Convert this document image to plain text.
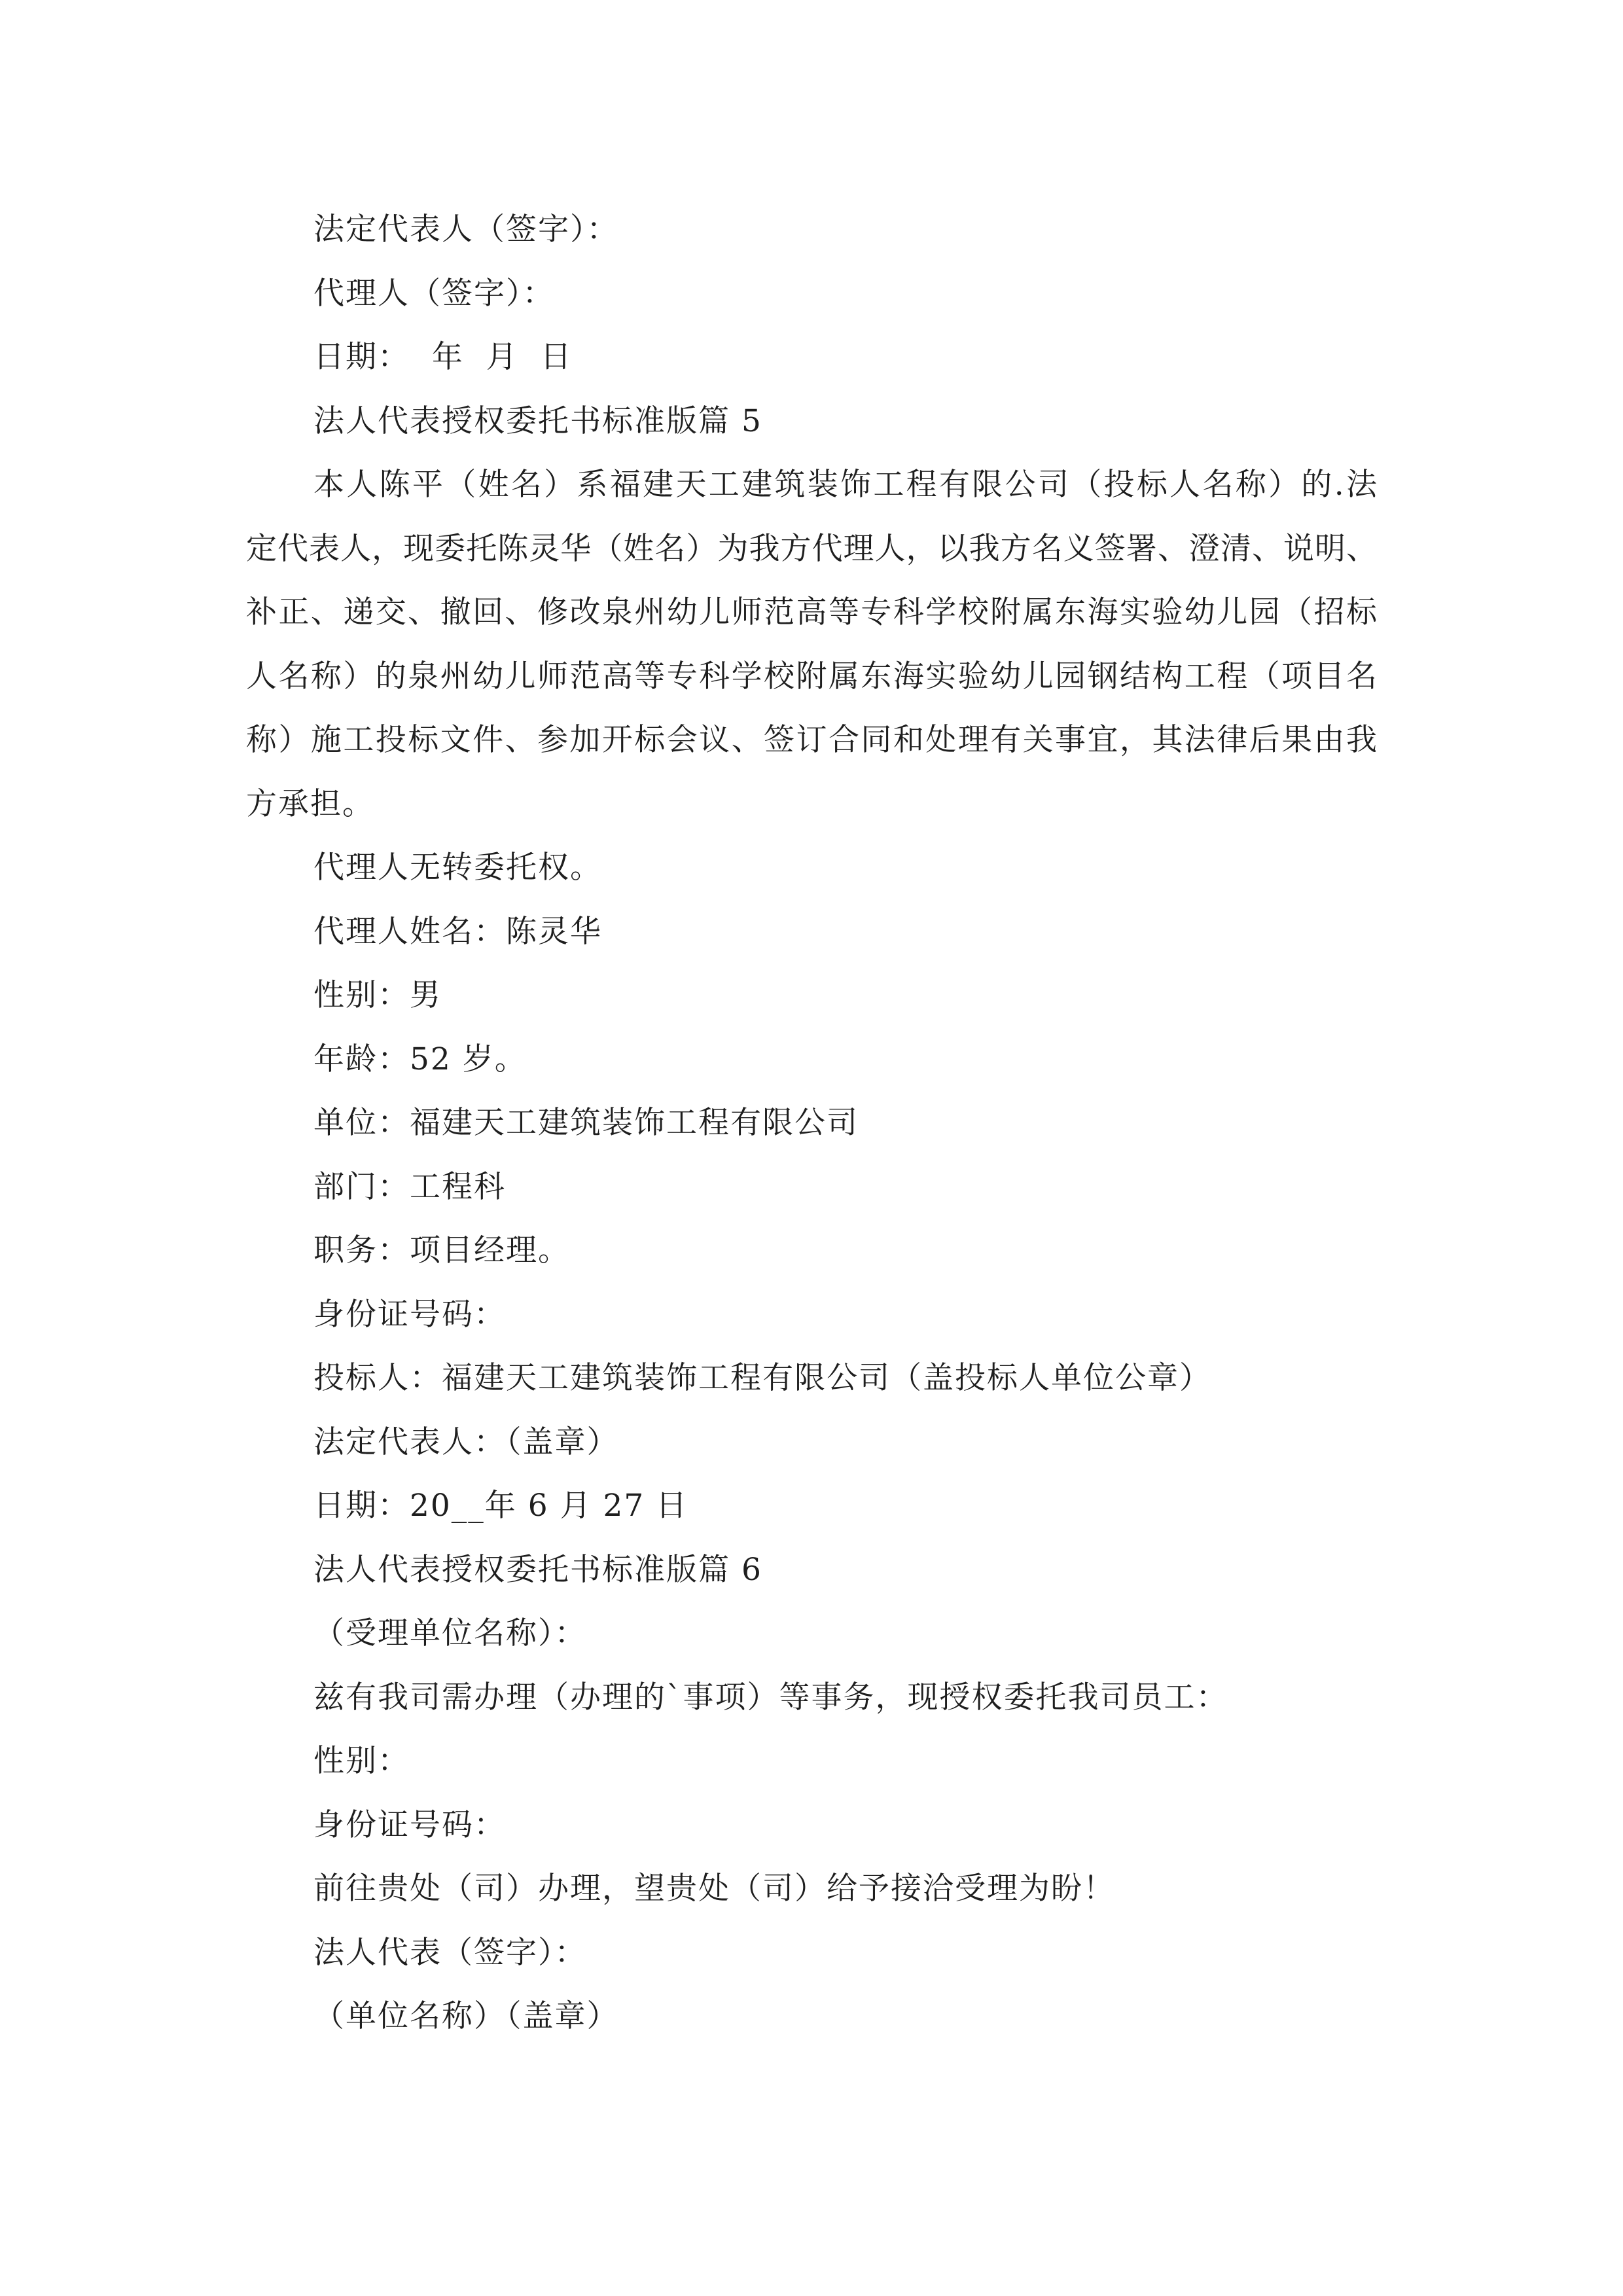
法定代表人（签字）：
代理人（签字）：
日期：  年  月  日
法人代表授权委托书标准版篇 5
本人陈平（姓名）系福建天工建筑装饰工程有限公司（投标人名称）的.法
定代表人，现委托陈灵华（姓名）为我方代理人，以我方名义签署、澄清、说明、
补正、递交、撤回、修改泉州幼儿师范高等专科学校附属东海实验幼儿园（招标
人名称）的泉州幼儿师范高等专科学校附属东海实验幼儿园钢结构工程（项目名
称）施工投标文件、参加开标会议、签订合同和处理有关事宜，其法律后果由我
方承担。
代理人无转委托权。
代理人姓名：陈灵华
性别：男
年龄：52 岁。
单位：福建天工建筑装饰工程有限公司
部门：工程科
职务：项目经理。
身份证号码：
投标人：福建天工建筑装饰工程有限公司（盖投标人单位公章）
法定代表人：（盖章）
日期：20__年 6 月 27 日
法人代表授权委托书标准版篇 6
（受理单位名称）：
兹有我司需办理（办理的`事项）等事务，现授权委托我司员工：
性别：
身份证号码：
前往贵处（司）办理，望贵处（司）给予接洽受理为盼！
法人代表（签字）：
（单位名称）（盖章）
